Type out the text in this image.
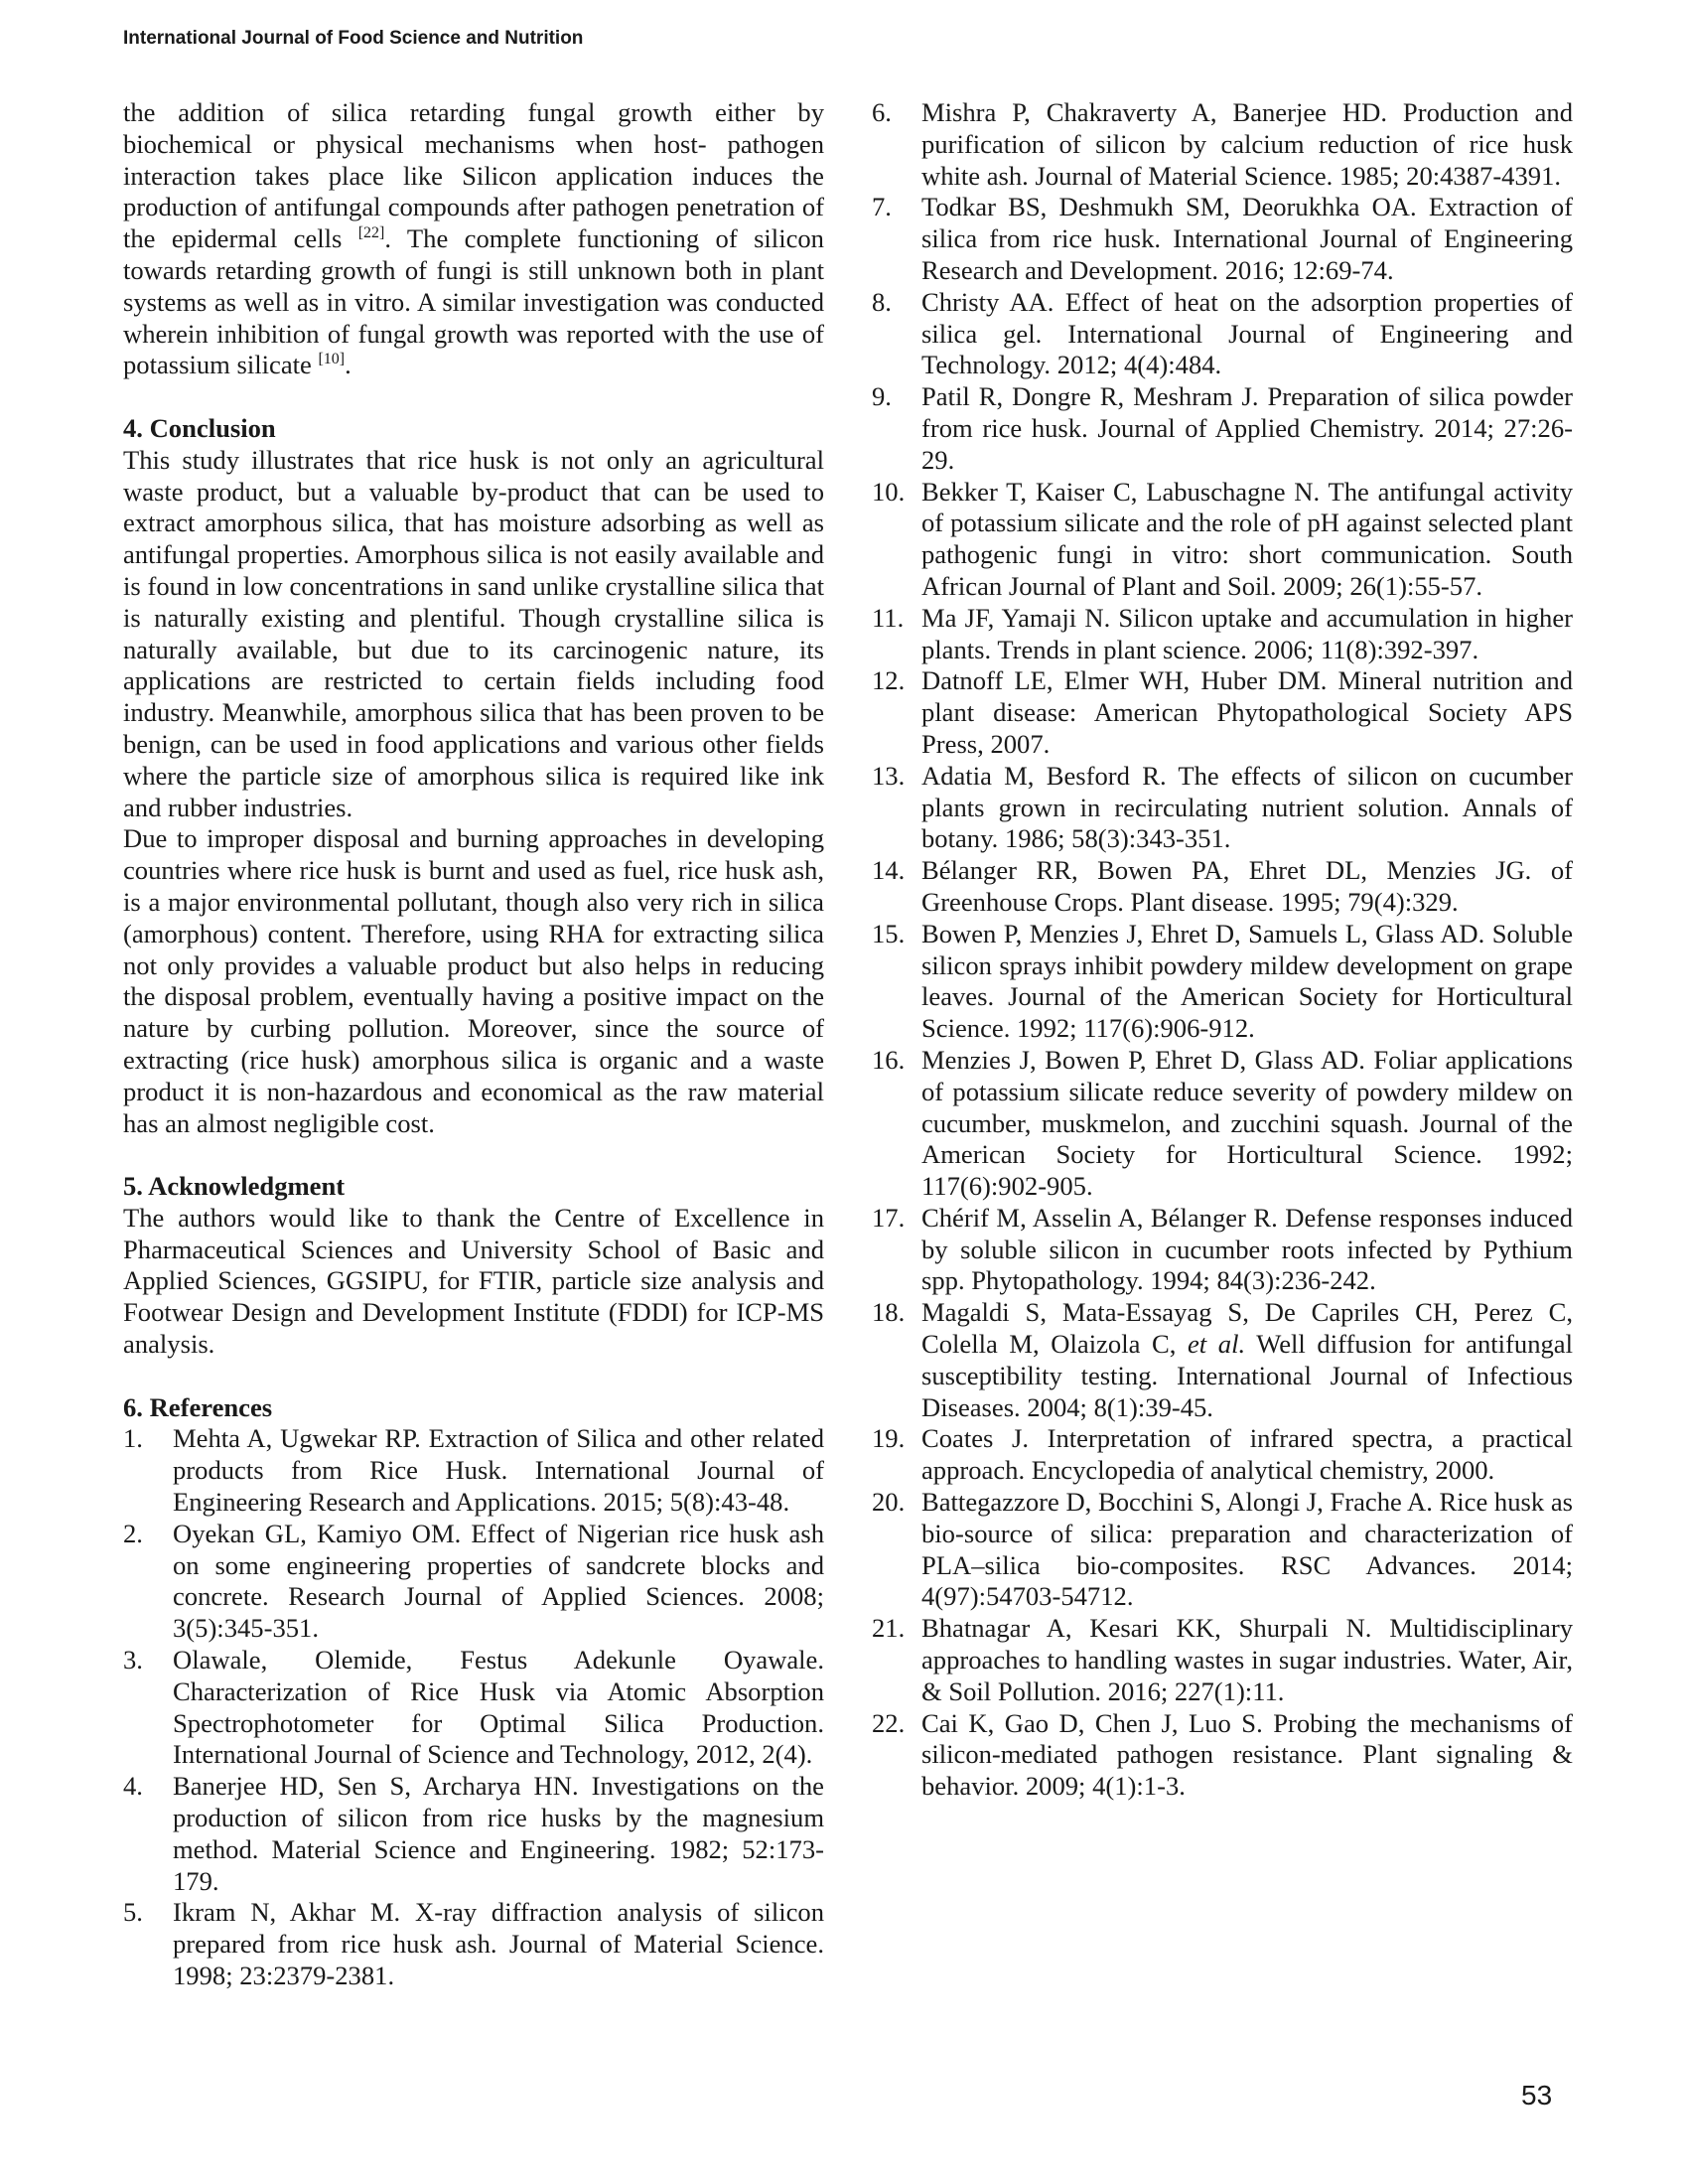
International Journal of Food Science and Nutrition

the addition of silica retarding fungal growth either by biochemical or physical mechanisms when host- pathogen interaction takes place like Silicon application induces the production of antifungal compounds after pathogen penetration of the epidermal cells [22]. The complete functioning of silicon towards retarding growth of fungi is still unknown both in plant systems as well as in vitro. A similar investigation was conducted wherein inhibition of fungal growth was reported with the use of potassium silicate [10].

4. Conclusion

This study illustrates that rice husk is not only an agricultural waste product, but a valuable by-product that can be used to extract amorphous silica, that has moisture adsorbing as well as antifungal properties. Amorphous silica is not easily available and is found in low concentrations in sand unlike crystalline silica that is naturally existing and plentiful. Though crystalline silica is naturally available, but due to its carcinogenic nature, its applications are restricted to certain fields including food industry. Meanwhile, amorphous silica that has been proven to be benign, can be used in food applications and various other fields where the particle size of amorphous silica is required like ink and rubber industries.

Due to improper disposal and burning approaches in developing countries where rice husk is burnt and used as fuel, rice husk ash, is a major environmental pollutant, though also very rich in silica (amorphous) content. Therefore, using RHA for extracting silica not only provides a valuable product but also helps in reducing the disposal problem, eventually having a positive impact on the nature by curbing pollution. Moreover, since the source of extracting (rice husk) amorphous silica is organic and a waste product it is non-hazardous and economical as the raw material has an almost negligible cost.

5. Acknowledgment

The authors would like to thank the Centre of Excellence in Pharmaceutical Sciences and University School of Basic and Applied Sciences, GGSIPU, for FTIR, particle size analysis and Footwear Design and Development Institute (FDDI) for ICP-MS analysis.

6. References

1.	Mehta A, Ugwekar RP. Extraction of Silica and other related products from Rice Husk. International Journal of Engineering Research and Applications. 2015; 5(8):43-48.
2.	Oyekan GL, Kamiyo OM. Effect of Nigerian rice husk ash on some engineering properties of sandcrete blocks and concrete. Research Journal of Applied Sciences. 2008; 3(5):345-351.
3.	Olawale, Olemide, Festus Adekunle Oyawale. Characterization of Rice Husk via Atomic Absorption Spectrophotometer for Optimal Silica Production. International Journal of Science and Technology, 2012, 2(4).
4.	Banerjee HD, Sen S, Archarya HN. Investigations on the production of silicon from rice husks by the magnesium method. Material Science and Engineering. 1982; 52:173-179.
5.	Ikram N, Akhar M. X-ray diffraction analysis of silicon prepared from rice husk ash. Journal of Material Science. 1998; 23:2379-2381.
6.	Mishra P, Chakraverty A, Banerjee HD. Production and purification of silicon by calcium reduction of rice husk white ash. Journal of Material Science. 1985; 20:4387-4391.
7.	Todkar BS, Deshmukh SM, Deorukhka OA. Extraction of silica from rice husk. International Journal of Engineering Research and Development. 2016; 12:69-74.
8.	Christy AA. Effect of heat on the adsorption properties of silica gel. International Journal of Engineering and Technology. 2012; 4(4):484.
9.	Patil R, Dongre R, Meshram J. Preparation of silica powder from rice husk. Journal of Applied Chemistry. 2014; 27:26-29.
10. Bekker T, Kaiser C, Labuschagne N. The antifungal activity of potassium silicate and the role of pH against selected plant pathogenic fungi in vitro: short communication. South African Journal of Plant and Soil. 2009; 26(1):55-57.
11. Ma JF, Yamaji N. Silicon uptake and accumulation in higher plants. Trends in plant science. 2006; 11(8):392-397.
12. Datnoff LE, Elmer WH, Huber DM. Mineral nutrition and plant disease: American Phytopathological Society APS Press, 2007.
13. Adatia M, Besford R. The effects of silicon on cucumber plants grown in recirculating nutrient solution. Annals of botany. 1986; 58(3):343-351.
14. Bélanger RR, Bowen PA, Ehret DL, Menzies JG. of Greenhouse Crops. Plant disease. 1995; 79(4):329.
15. Bowen P, Menzies J, Ehret D, Samuels L, Glass AD. Soluble silicon sprays inhibit powdery mildew development on grape leaves. Journal of the American Society for Horticultural Science. 1992; 117(6):906-912.
16. Menzies J, Bowen P, Ehret D, Glass AD. Foliar applications of potassium silicate reduce severity of powdery mildew on cucumber, muskmelon, and zucchini squash. Journal of the American Society for Horticultural Science. 1992; 117(6):902-905.
17. Chérif M, Asselin A, Bélanger R. Defense responses induced by soluble silicon in cucumber roots infected by Pythium spp. Phytopathology. 1994; 84(3):236-242.
18. Magaldi S, Mata-Essayag S, De Capriles CH, Perez C, Colella M, Olaizola C, et al. Well diffusion for antifungal susceptibility testing. International Journal of Infectious Diseases. 2004; 8(1):39-45.
19. Coates J. Interpretation of infrared spectra, a practical approach. Encyclopedia of analytical chemistry, 2000.
20. Battegazzore D, Bocchini S, Alongi J, Frache A. Rice husk as bio-source of silica: preparation and characterization of PLA–silica bio-composites. RSC Advances. 2014; 4(97):54703-54712.
21. Bhatnagar A, Kesari KK, Shurpali N. Multidisciplinary approaches to handling wastes in sugar industries. Water, Air, & Soil Pollution. 2016; 227(1):11.
22. Cai K, Gao D, Chen J, Luo S. Probing the mechanisms of silicon-mediated pathogen resistance. Plant signaling & behavior. 2009; 4(1):1-3.
53
